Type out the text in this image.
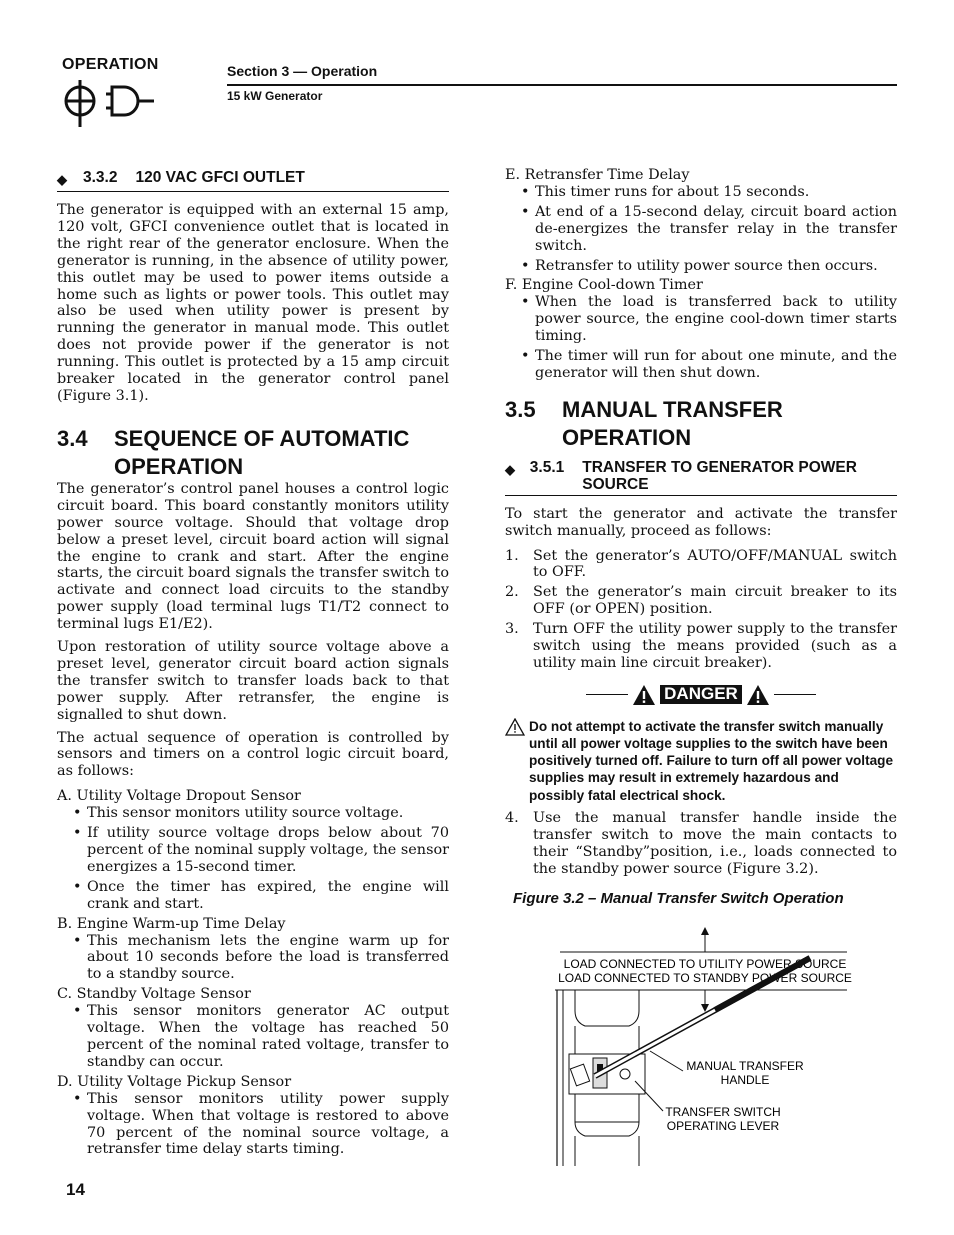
OPERATION	Section 3 — Operation
15 kW Generator
◆ 3.3.2 120 VAC GFCI OUTLET

The generator is equipped with an external 15 amp, 120 volt, GFCI convenience outlet that is located in the right rear of the generator enclosure. When the generator is running, in the absence of utility power, this outlet may be used to power items outside a home such as lights or power tools. This outlet may also be used when utility power is present by running the generator in manual mode. This outlet does not provide power if the generator is not running. This outlet is protected by a 15 amp circuit breaker located in the generator control panel (Figure 3.1).

3.4	SEQUENCE OF AUTOMATIC OPERATION

The generator’s control panel houses a control logic circuit board. This board constantly monitors utility power source voltage. Should that voltage drop below a preset level, circuit board action will signal the engine to crank and start. After the engine starts, the circuit board signals the transfer switch to activate and connect load circuits to the standby power supply (load terminal lugs T1/T2 connect to terminal lugs E1/E2).

Upon restoration of utility source voltage above a preset level, generator circuit board action signals the transfer switch to transfer loads back to that power supply. After retransfer, the engine is signalled to shut down.

The actual sequence of operation is controlled by sensors and timers on a control logic circuit board, as follows:

A. Utility Voltage Dropout Sensor
• This sensor monitors utility source voltage.
• If utility source voltage drops below about 70 percent of the nominal supply voltage, the sensor energizes a 15-second timer.
• Once the timer has expired, the engine will crank and start.
B. Engine Warm-up Time Delay
• This mechanism lets the engine warm up for about 10 seconds before the load is transferred to a standby source.
C. Standby Voltage Sensor
• This sensor monitors generator AC output voltage. When the voltage has reached 50 percent of the nominal rated voltage, transfer to standby can occur.
D. Utility Voltage Pickup Sensor
• This sensor monitors utility power supply voltage. When that voltage is restored to above 70 percent of the nominal source voltage, a retransfer time delay starts timing.
E. Retransfer Time Delay
• This timer runs for about 15 seconds.
• At end of a 15-second delay, circuit board action de-energizes the transfer relay in the transfer switch.
• Retransfer to utility power source then occurs.
F. Engine Cool-down Timer
• When the load is transferred back to utility power source, the engine cool-down timer starts timing.
• The timer will run for about one minute, and the generator will then shut down.
3.5	MANUAL TRANSFER OPERATION
◆ 3.5.1 TRANSFER TO GENERATOR POWER SOURCE

To start the generator and activate the transfer switch manually, proceed as follows:

1. Set the generator’s AUTO/OFF/MANUAL switch to OFF.
2. Set the generator’s main circuit breaker to its OFF (or OPEN) position.
3. Turn OFF the utility power supply to the transfer switch using the means provided (such as a utility main line circuit breaker).
DANGER
Do not attempt to activate the transfer switch manually until all power voltage supplies to the switch have been positively turned off. Failure to turn off all power voltage supplies may result in extremely hazardous and possibly fatal electrical shock.
4. Use the manual transfer handle inside the transfer switch to move the main contacts to their “Standby”position, i.e., loads connected to the standby power source (Figure 3.2).
Figure 3.2 – Manual Transfer Switch Operation
LOAD CONNECTED TO UTILITY POWER SOURCE
LOAD CONNECTED TO STANDBY POWER SOURCE
MANUAL TRANSFER
HANDLE
TRANSFER SWITCH
OPERATING LEVER
14
